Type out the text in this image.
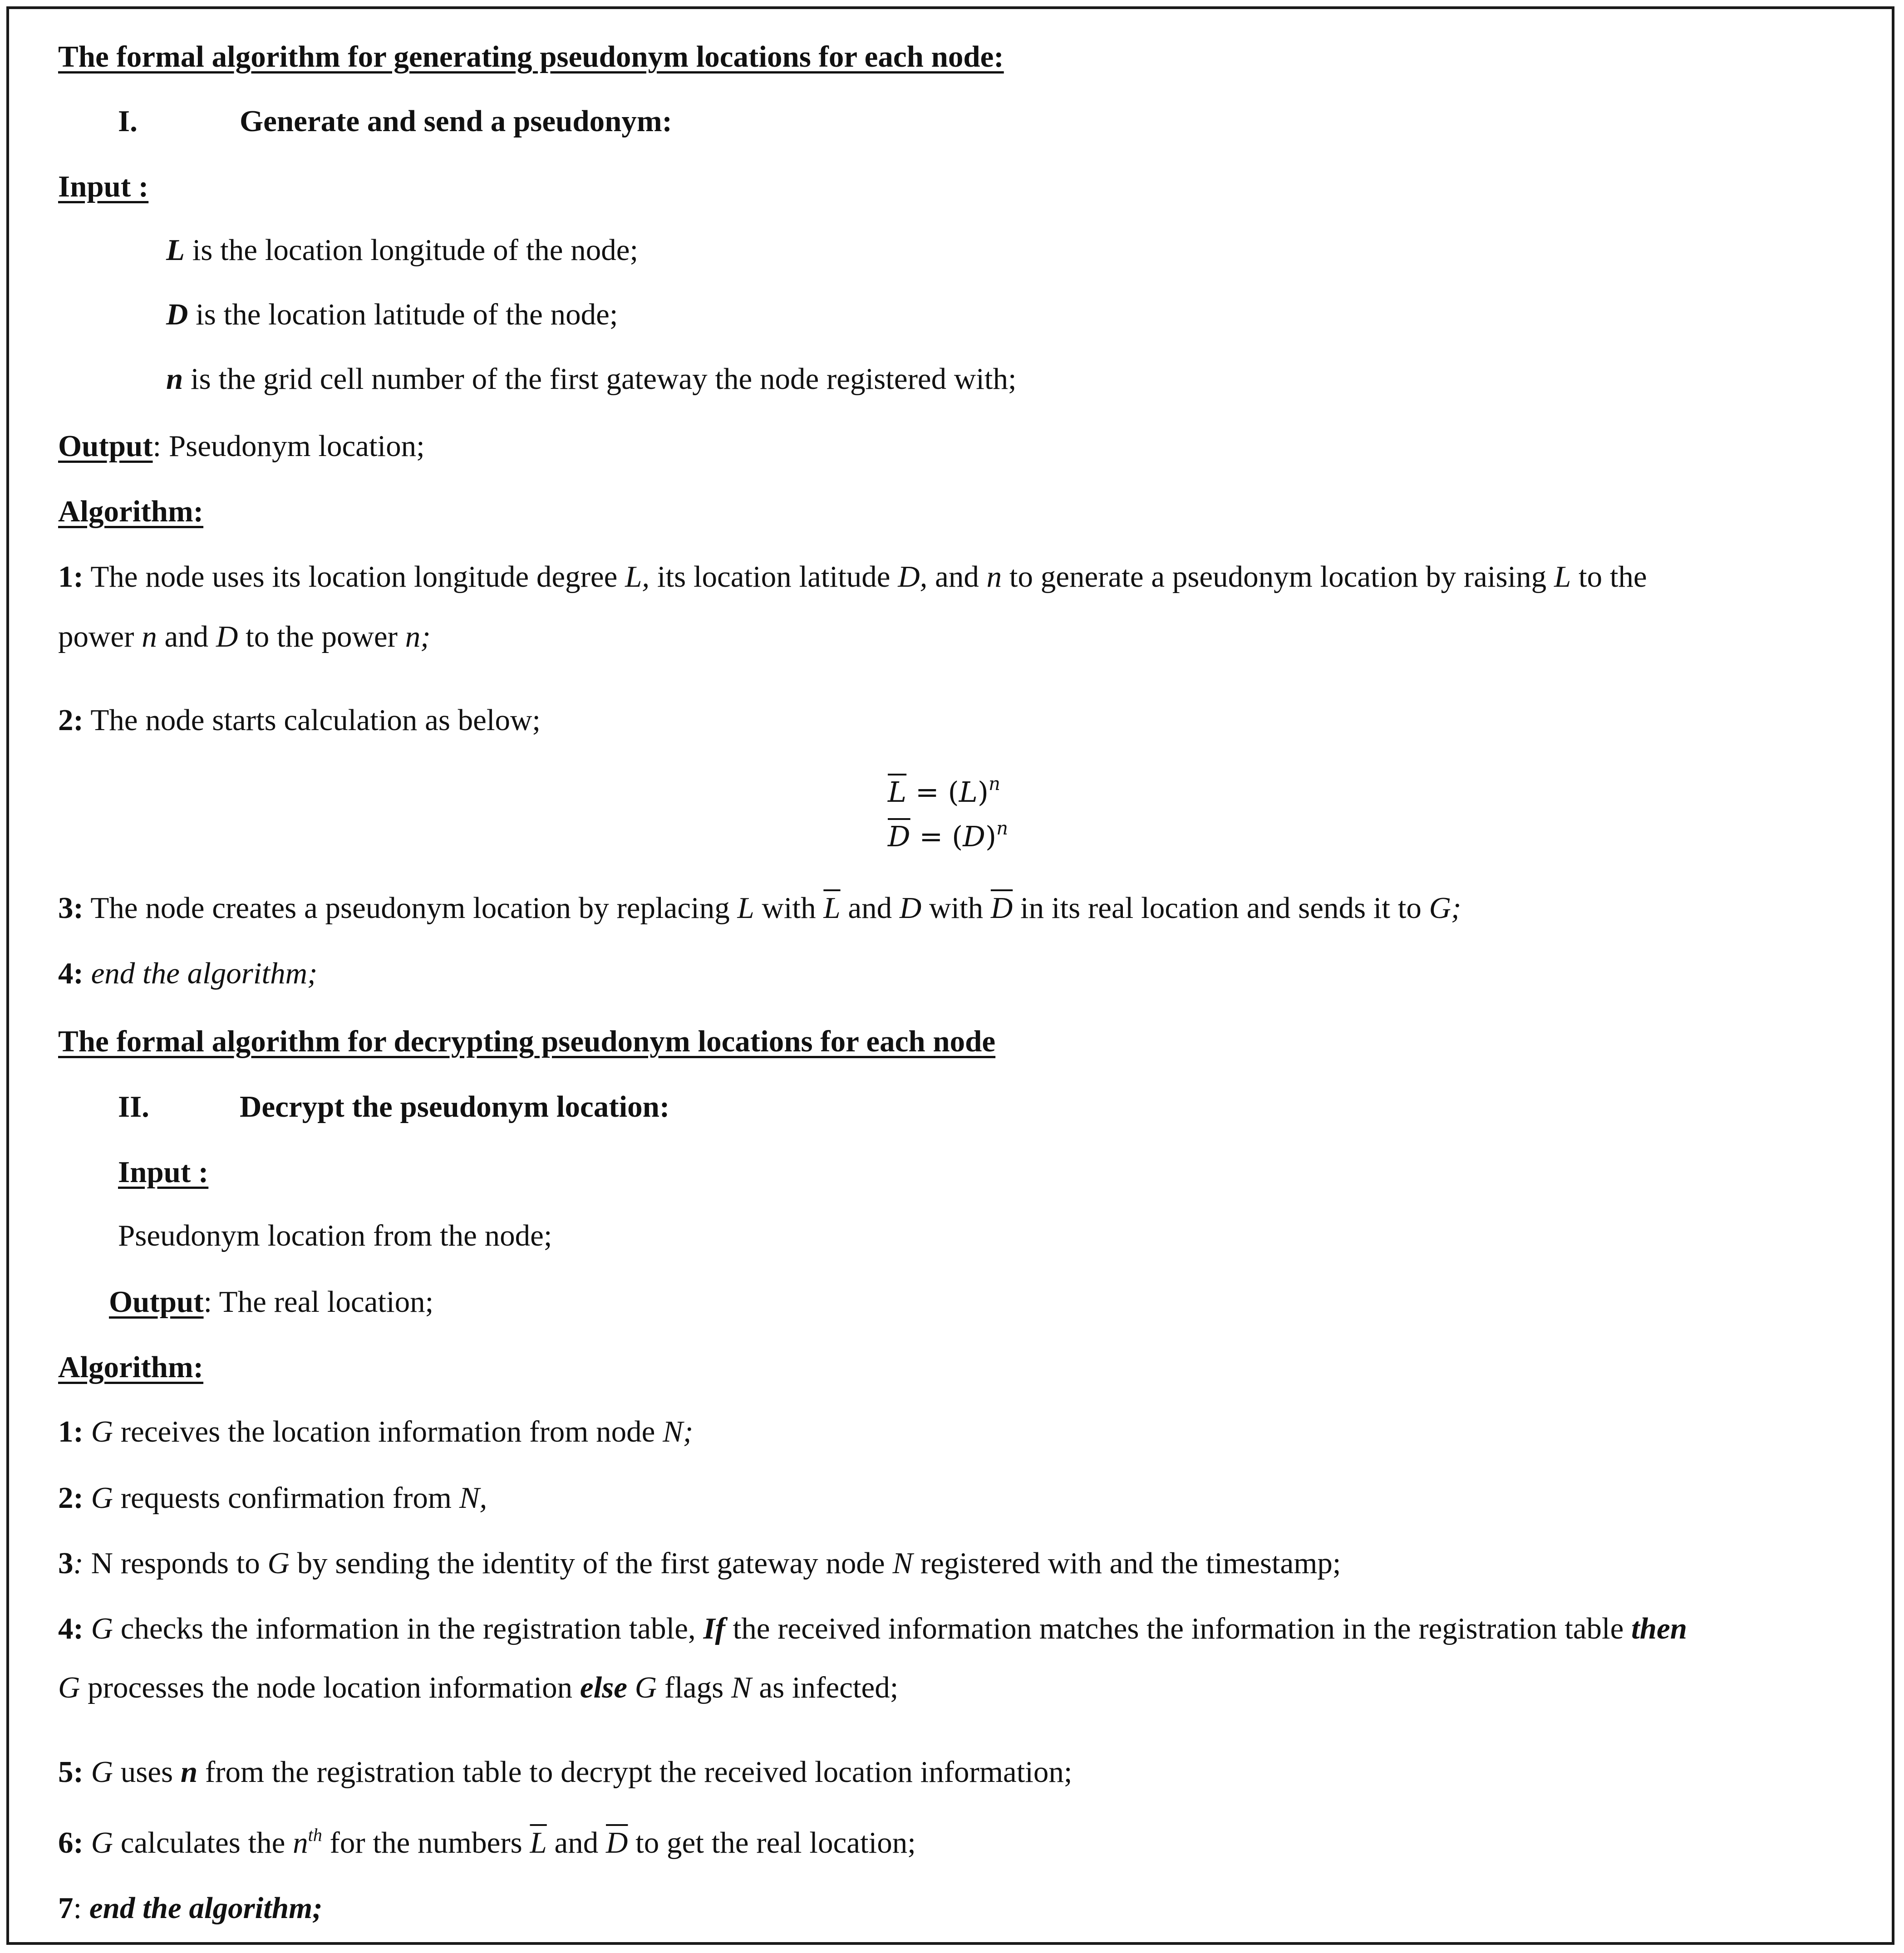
The formal algorithm for generating pseudonym locations for each node:
I.	Generate and send a pseudonym:
Input :
L is the location longitude of the node;
D is the location latitude of the node;
n is the grid cell number of the first gateway the node registered with;
Output: Pseudonym location;
Algorithm:
1: The node uses its location longitude degree L, its location latitude D, and n to generate a pseudonym location by raising L to the
power n and D to the power n;
2: The node starts calculation as below;
$\overline{L} = (L)^n$
$\overline{D} = (D)^n$
3: The node creates a pseudonym location by replacing L with $\overline{L}$ and D with $\overline{D}$ in its real location and sends it to G;
4: end the algorithm;
The formal algorithm for decrypting pseudonym locations for each node
II.	Decrypt the pseudonym location:
Input :
Pseudonym location from the node;
Output: The real location;
Algorithm:
1: G receives the location information from node N;
2: G requests confirmation from N,
3: N responds to G by sending the identity of the first gateway node N registered with and the timestamp;
4: G checks the information in the registration table, If the received information matches the information in the registration table then
G processes the node location information else G flags N as infected;
5: G uses n from the registration table to decrypt the received location information;
6: G calculates the $n^{th}$ for the numbers $\overline{L}$ and $\overline{D}$ to get the real location;
7: end the algorithm;
